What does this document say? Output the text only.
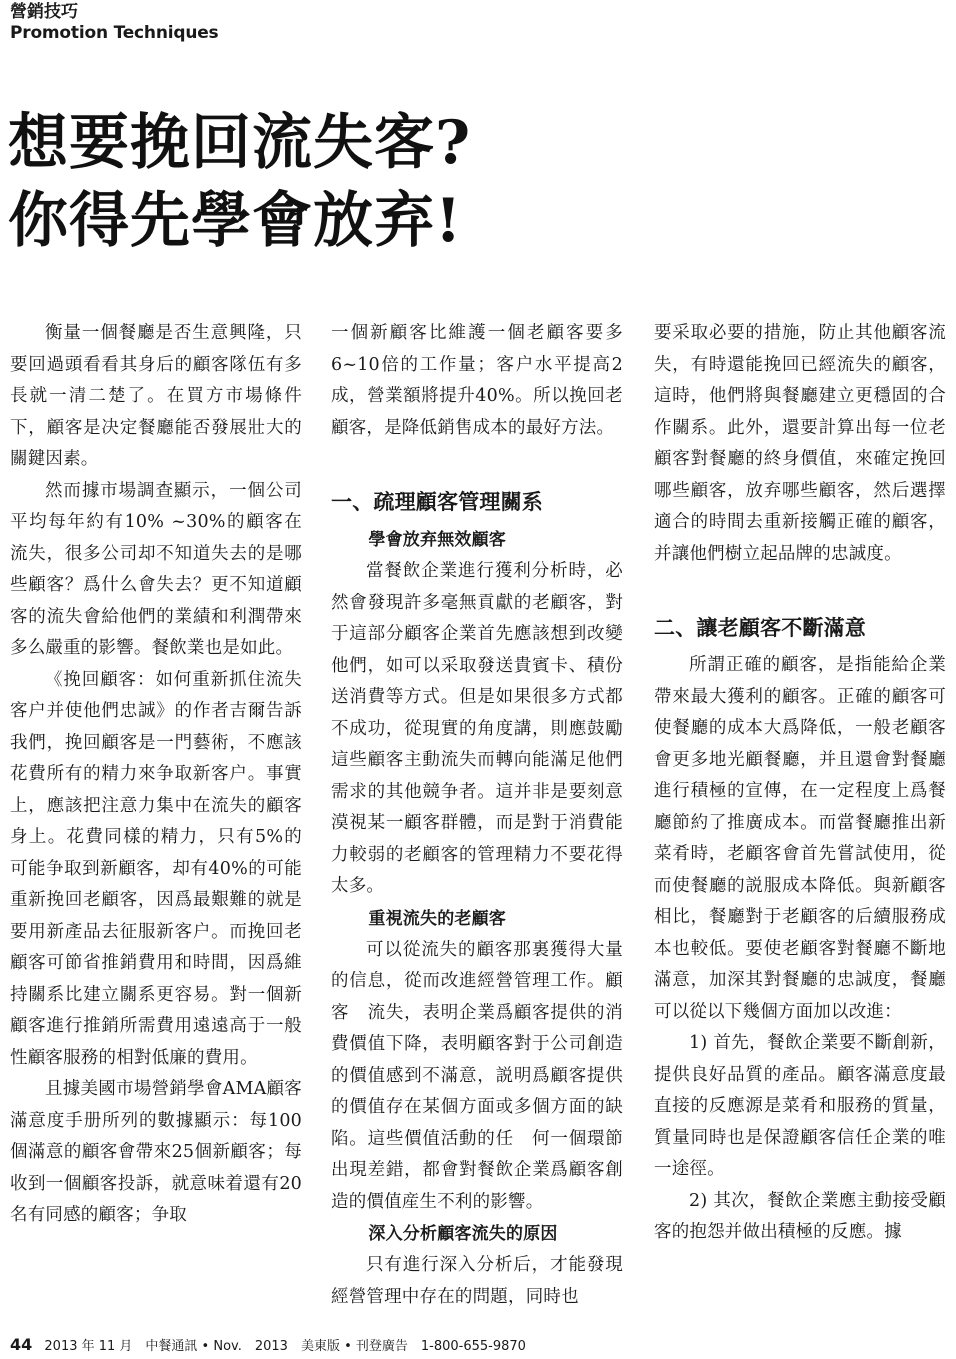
營銷技巧
Promotion Techniques
想要挽回流失客?
你得先學會放弃!

衡量一個餐廳是否生意興隆，只要回過頭看看其身后的顧客隊伍有多長就一清二楚了。在買方市場條件下，顧客是决定餐廳能否發展壯大的關鍵因素。

然而據市場調查顯示，一個公司平均每年約有10% ~30%的顧客在流失，很多公司却不知道失去的是哪些顧客？爲什么會失去？更不知道顧客的流失會給他們的業績和利潤帶來多么嚴重的影響。餐飲業也是如此。

《挽回顧客：如何重新抓住流失客户并使他們忠誠》的作者吉爾告訴我們，挽回顧客是一門藝術，不應該花費所有的精力來争取新客户。事實上，應該把注意力集中在流失的顧客身上。花費同樣的精力，只有5%的可能争取到新顧客，却有40%的可能重新挽回老顧客，因爲最艱難的就是要用新產品去征服新客户。而挽回老顧客可節省推銷費用和時間，因爲維持關系比建立關系更容易。對一個新顧客進行推銷所需費用遠遠高于一般性顧客服務的相對低廉的費用。

且據美國市場營銷學會AMA顧客滿意度手册所列的數據顯示：每100個滿意的顧客會帶來25個新顧客；每收到一個顧客投訴，就意味着還有20名有同感的顧客；争取

一個新顧客比維護一個老顧客要多6~10倍的工作量；客户水平提高2成，營業額將提升40%。所以挽回老顧客，是降低銷售成本的最好方法。

一、疏理顧客管理關系
學會放弃無效顧客

當餐飲企業進行獲利分析時，必然會發現許多毫無貢獻的老顧客，對于這部分顧客企業首先應該想到改變他們，如可以采取發送貴賓卡、積份送消費等方式。但是如果很多方式都不成功，從現實的角度講，則應鼓勵這些顧客主動流失而轉向能滿足他們需求的其他競争者。這并非是要刻意漠視某一顧客群體，而是對于消費能力較弱的老顧客的管理精力不要花得太多。

重視流失的老顧客

可以從流失的顧客那裏獲得大量的信息，從而改進經營管理工作。顧客　流失，表明企業爲顧客提供的消費價值下降，表明顧客對于公司創造的價值感到不滿意，説明爲顧客提供的價值存在某個方面或多個方面的缺陷。這些價值活動的任　何一個環節出現差錯，都會對餐飲企業爲顧客創造的價值産生不利的影響。

深入分析顧客流失的原因

只有進行深入分析后，才能發現經營管理中存在的問題，同時也

要采取必要的措施，防止其他顧客流失，有時還能挽回已經流失的顧客，這時，他們將與餐廳建立更穩固的合作關系。此外，還要計算出每一位老顧客對餐廳的終身價值，來確定挽回哪些顧客，放弃哪些顧客，然后選擇適合的時間去重新接觸正確的顧客，并讓他們樹立起品牌的忠誠度。

二、讓老顧客不斷滿意

所謂正確的顧客，是指能給企業帶來最大獲利的顧客。正確的顧客可使餐廳的成本大爲降低，一般老顧客會更多地光顧餐廳，并且還會對餐廳進行積極的宣傳，在一定程度上爲餐廳節約了推廣成本。而當餐廳推出新菜肴時，老顧客會首先嘗試使用，從而使餐廳的説服成本降低。與新顧客相比，餐廳對于老顧客的后續服務成本也較低。要使老顧客對餐廳不斷地滿意，加深其對餐廳的忠誠度，餐廳可以從以下幾個方面加以改進：

1) 首先，餐飲企業要不斷創新，提供良好品質的產品。顧客滿意度最直接的反應源是菜肴和服務的質量，質量同時也是保證顧客信任企業的唯一途徑。

2) 其次，餐飲企業應主動接受顧客的抱怨并做出積極的反應。據

44 2013 年 11 月　中餐通訊 • Nov.　2013　美東版 • 刊登廣告　1-800-655-9870
